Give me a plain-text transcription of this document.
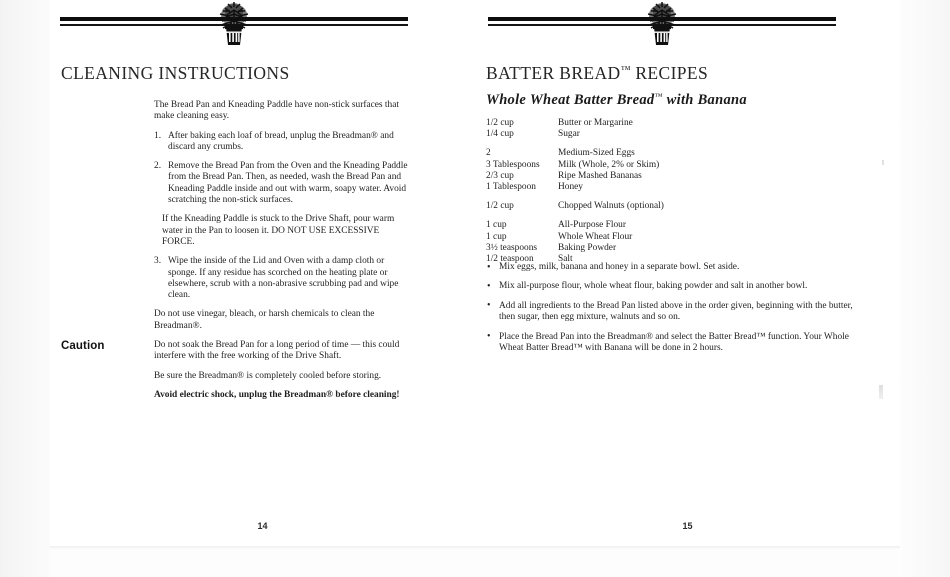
CLEANING INSTRUCTIONS

The Bread Pan and Kneading Paddle have non-stick surfaces that make cleaning easy.

1. After baking each loaf of bread, unplug the Breadman® and discard any crumbs.
2. Remove the Bread Pan from the Oven and the Kneading Paddle from the Bread Pan. Then, as needed, wash the Bread Pan and Kneading Paddle inside and out with warm, soapy water. Avoid scratching the non-stick surfaces.

If the Kneading Paddle is stuck to the Drive Shaft, pour warm water in the Pan to loosen it. DO NOT USE EXCESSIVE FORCE.

3. Wipe the inside of the Lid and Oven with a damp cloth or sponge. If any residue has scorched on the heating plate or elsewhere, scrub with a non-abrasive scrubbing pad and wipe clean.

Do not use vinegar, bleach, or harsh chemicals to clean the Breadman®.

Do not soak the Bread Pan for a long period of time — this could interfere with the free working of the Drive Shaft.

Be sure the Breadman® is completely cooled before storing.

Avoid electric shock, unplug the Breadman® before cleaning!

Caution
14
BATTER BREAD™ RECIPES
Whole Wheat Batter Bread™ with Banana
1/2 cup	Butter or Margarine
1/4 cup	Sugar
2	Medium-Sized Eggs
3 Tablespoons	Milk (Whole, 2% or Skim)
2/3 cup	Ripe Mashed Bananas
1 Tablespoon	Honey
1/2 cup	Chopped Walnuts (optional)
1 cup	All-Purpose Flour
1 cup	Whole Wheat Flour
3½ teaspoons	Baking Powder
1/2 teaspoon	Salt
• Mix eggs, milk, banana and honey in a separate bowl. Set aside.
• Mix all-purpose flour, whole wheat flour, baking powder and salt in another bowl.
• Add all ingredients to the Bread Pan listed above in the order given, beginning with the butter, then sugar, then egg mixture, walnuts and so on.
• Place the Bread Pan into the Breadman® and select the Batter Bread™ function. Your Whole Wheat Batter Bread™ with Banana will be done in 2 hours.
15
